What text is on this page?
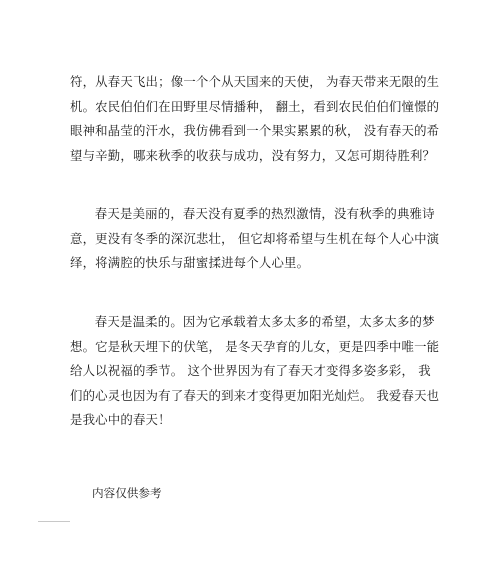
符，从春天飞出；像一个个从天国来的天使， 为春天带来无限的生机。农民伯伯们在田野里尽情播种， 翻土，看到农民伯伯们憧憬的眼神和晶莹的汗水，我仿佛看到一个果实累累的秋， 没有春天的希望与辛勤，哪来秋季的收获与成功，没有努力，又怎可期待胜利？

春天是美丽的，春天没有夏季的热烈激情，没有秋季的典雅诗意，更没有冬季的深沉悲壮， 但它却将希望与生机在每个人心中演绎，将满腔的快乐与甜蜜揉进每个人心里。

春天是温柔的。因为它承载着太多太多的希望，太多太多的梦想。它是秋天埋下的伏笔， 是冬天孕育的儿女，更是四季中唯一能给人以祝福的季节。 这个世界因为有了春天才变得多姿多彩， 我们的心灵也因为有了春天的到来才变得更加阳光灿烂。 我爱春天也是我心中的春天！

内容仅供参考
